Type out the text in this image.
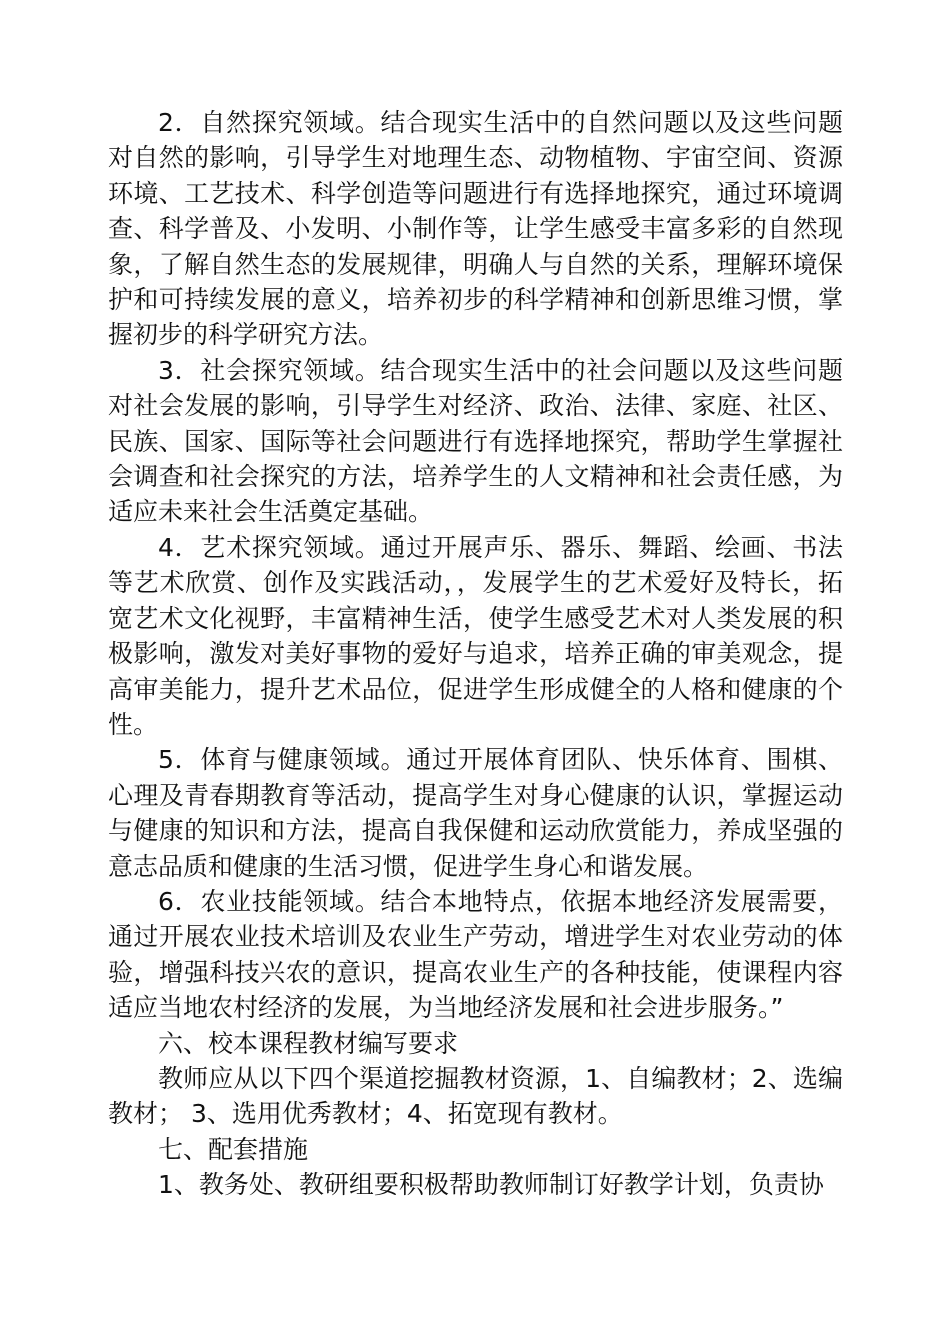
2．自然探究领域。结合现实生活中的自然问题以及这些问题对自然的影响，引导学生对地理生态、动物植物、宇宙空间、资源环境、工艺技术、科学创造等问题进行有选择地探究，通过环境调查、科学普及、小发明、小制作等，让学生感受丰富多彩的自然现象，了解自然生态的发展规律，明确人与自然的关系，理解环境保护和可持续发展的意义，培养初步的科学精神和创新思维习惯，掌握初步的科学研究方法。

3．社会探究领域。结合现实生活中的社会问题以及这些问题对社会发展的影响，引导学生对经济、政治、法律、家庭、社区、民族、国家、国际等社会问题进行有选择地探究，帮助学生掌握社会调查和社会探究的方法，培养学生的人文精神和社会责任感，为适应未来社会生活奠定基础。

4．艺术探究领域。通过开展声乐、器乐、舞蹈、绘画、书法等艺术欣赏、创作及实践活动，，发展学生的艺术爱好及特长，拓宽艺术文化视野，丰富精神生活，使学生感受艺术对人类发展的积极影响，激发对美好事物的爱好与追求，培养正确的审美观念，提高审美能力，提升艺术品位，促进学生形成健全的人格和健康的个性。

5．体育与健康领域。通过开展体育团队、快乐体育、围棋、心理及青春期教育等活动，提高学生对身心健康的认识，掌握运动与健康的知识和方法，提高自我保健和运动欣赏能力，养成坚强的意志品质和健康的生活习惯，促进学生身心和谐发展。

6．农业技能领域。结合本地特点，依据本地经济发展需要，通过开展农业技术培训及农业生产劳动，增进学生对农业劳动的体验，增强科技兴农的意识，提高农业生产的各种技能，使课程内容适应当地农村经济的发展，为当地经济发展和社会进步服务。”

六、校本课程教材编写要求

教师应从以下四个渠道挖掘教材资源，1、自编教材；2、选编教材； 3、选用优秀教材；4、拓宽现有教材。

七、配套措施

1、教务处、教研组要积极帮助教师制订好教学计划，负责协
